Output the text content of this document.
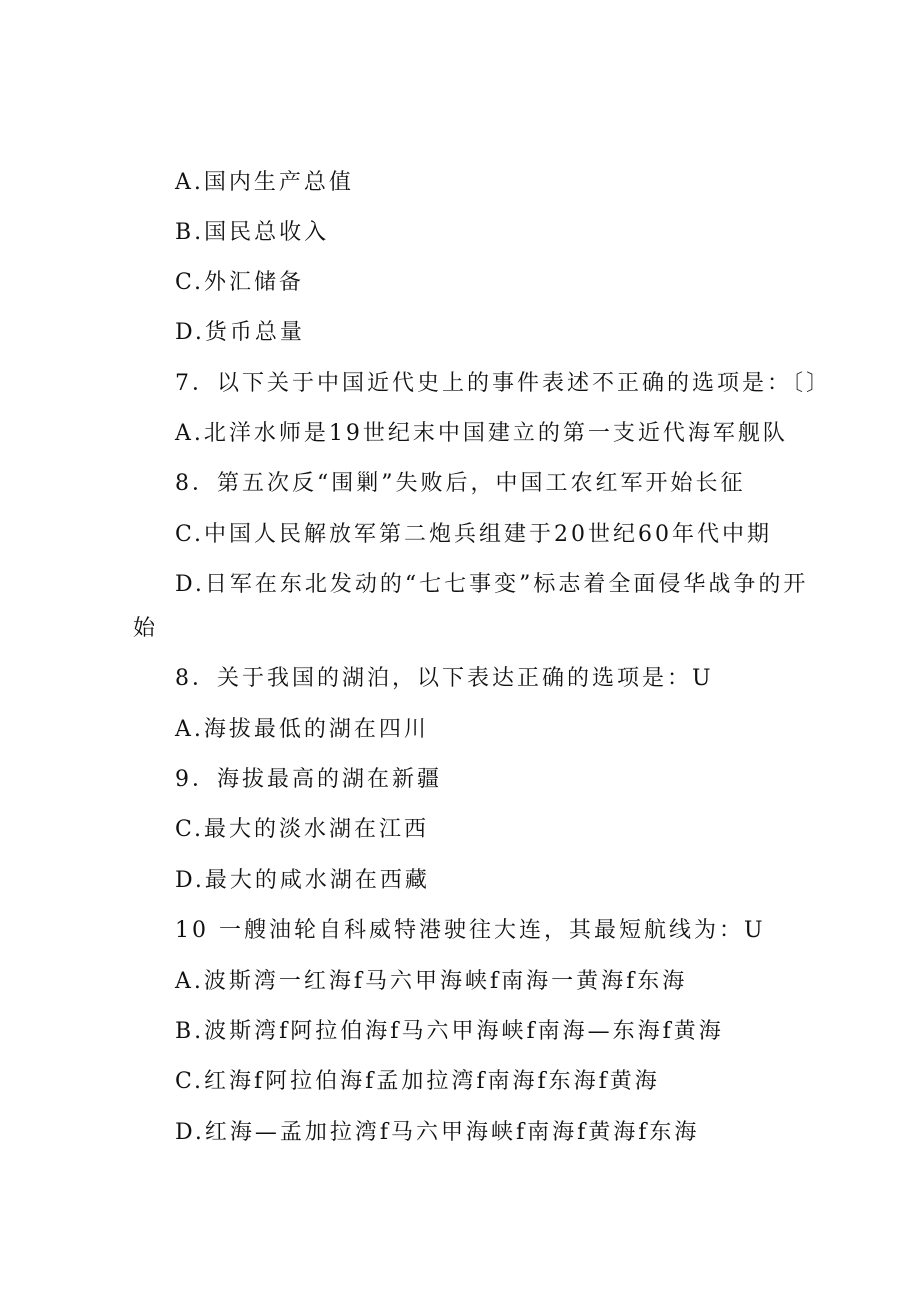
A.国内生产总值
B.国民总收入
C.外汇储备
D.货币总量
7．以下关于中国近代史上的事件表述不正确的选项是：〔〕
A.北洋水师是19世纪末中国建立的第一支近代海军舰队
8．第五次反“围剿”失败后，中国工农红军开始长征
C.中国人民解放军第二炮兵组建于20世纪60年代中期
D.日军在东北发动的“七七事变”标志着全面侵华战争的开
始
8．关于我国的湖泊，以下表达正确的选项是：U
A.海拔最低的湖在四川
9．海拔最高的湖在新疆
C.最大的淡水湖在江西
D.最大的咸水湖在西藏
10 一艘油轮自科威特港驶往大连，其最短航线为：U
A.波斯湾一红海f马六甲海峡f南海一黄海f东海
B.波斯湾f阿拉伯海f马六甲海峡f南海—东海f黄海
C.红海f阿拉伯海f孟加拉湾f南海f东海f黄海
D.红海—孟加拉湾f马六甲海峡f南海f黄海f东海
